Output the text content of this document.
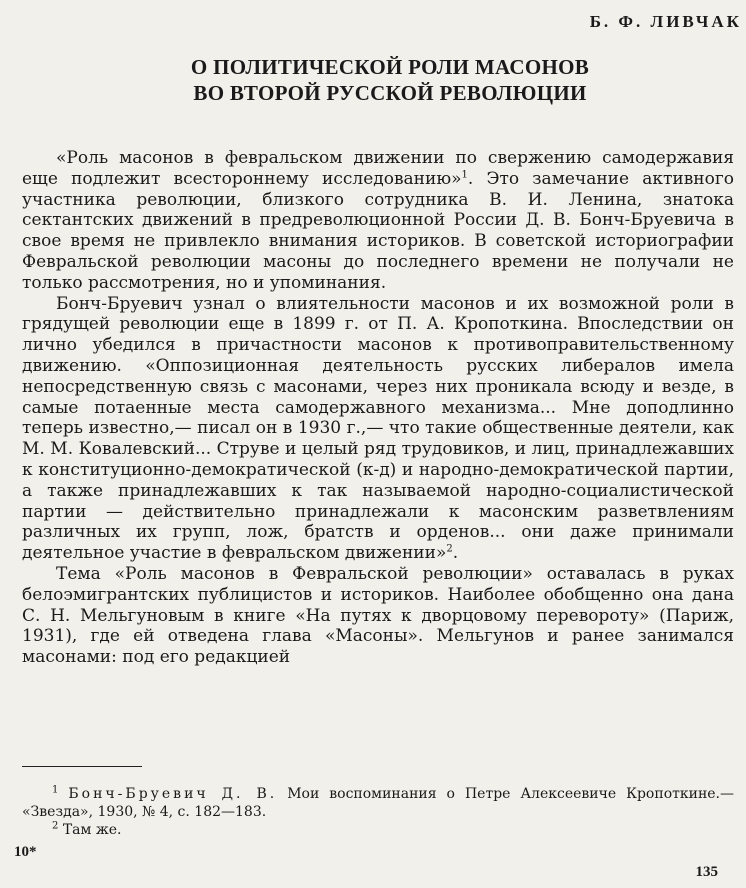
Б. Ф. ЛИВЧАК
О ПОЛИТИЧЕСКОЙ РОЛИ МАСОНОВ
ВО ВТОРОЙ РУССКОЙ РЕВОЛЮЦИИ

«Роль масонов в февральском движении по свержению самодержавия еще подлежит всестороннему исследованию»$^1$. Это замечание активного участника революции, близкого сотрудника В. И. Ленина, знатока сектантских движений в предреволюционной России Д. В. Бонч-Бруевича в свое время не привлекло внимания историков. В советской историографии Февральской революции масоны до последнего времени не получали не только рассмотрения, но и упоминания.

Бонч-Бруевич узнал о влиятельности масонов и их возможной роли в грядущей революции еще в 1899 г. от П. А. Кропоткина. Впоследствии он лично убедился в причастности масонов к противоправительственному движению. «Оппозиционная деятельность русских либералов имела непосредственную связь с масонами, через них проникала всюду и везде, в самые потаенные места самодержавного механизма... Мне доподлинно теперь известно,— писал он в 1930 г.,— что такие общественные деятели, как М. М. Ковалевский... Струве и целый ряд трудовиков, и лиц, принадлежавших к конституционно-демократической (к-д) и народно-демократической партии, а также принадлежавших к так называемой народно-социалистической партии — действительно принадлежали к масонским разветвлениям различных их групп, лож, братств и орденов... они даже принимали деятельное участие в февральском движении»$^2$.

Тема «Роль масонов в Февральской революции» оставалась в руках белоэмигрантских публицистов и историков. Наиболее обобщенно она дана С. Н. Мельгуновым в книге «На путях к дворцовому перевороту» (Париж, 1931), где ей отведена глава «Масоны». Мельгунов и ранее занимался масонами: под его редакцией

$^1$ Бонч-Бруевич Д. В. Мои воспоминания о Петре Алексеевиче Кропоткине.— «Звезда», 1930, № 4, с. 182—183.

$^2$ Там же.

10*
135
